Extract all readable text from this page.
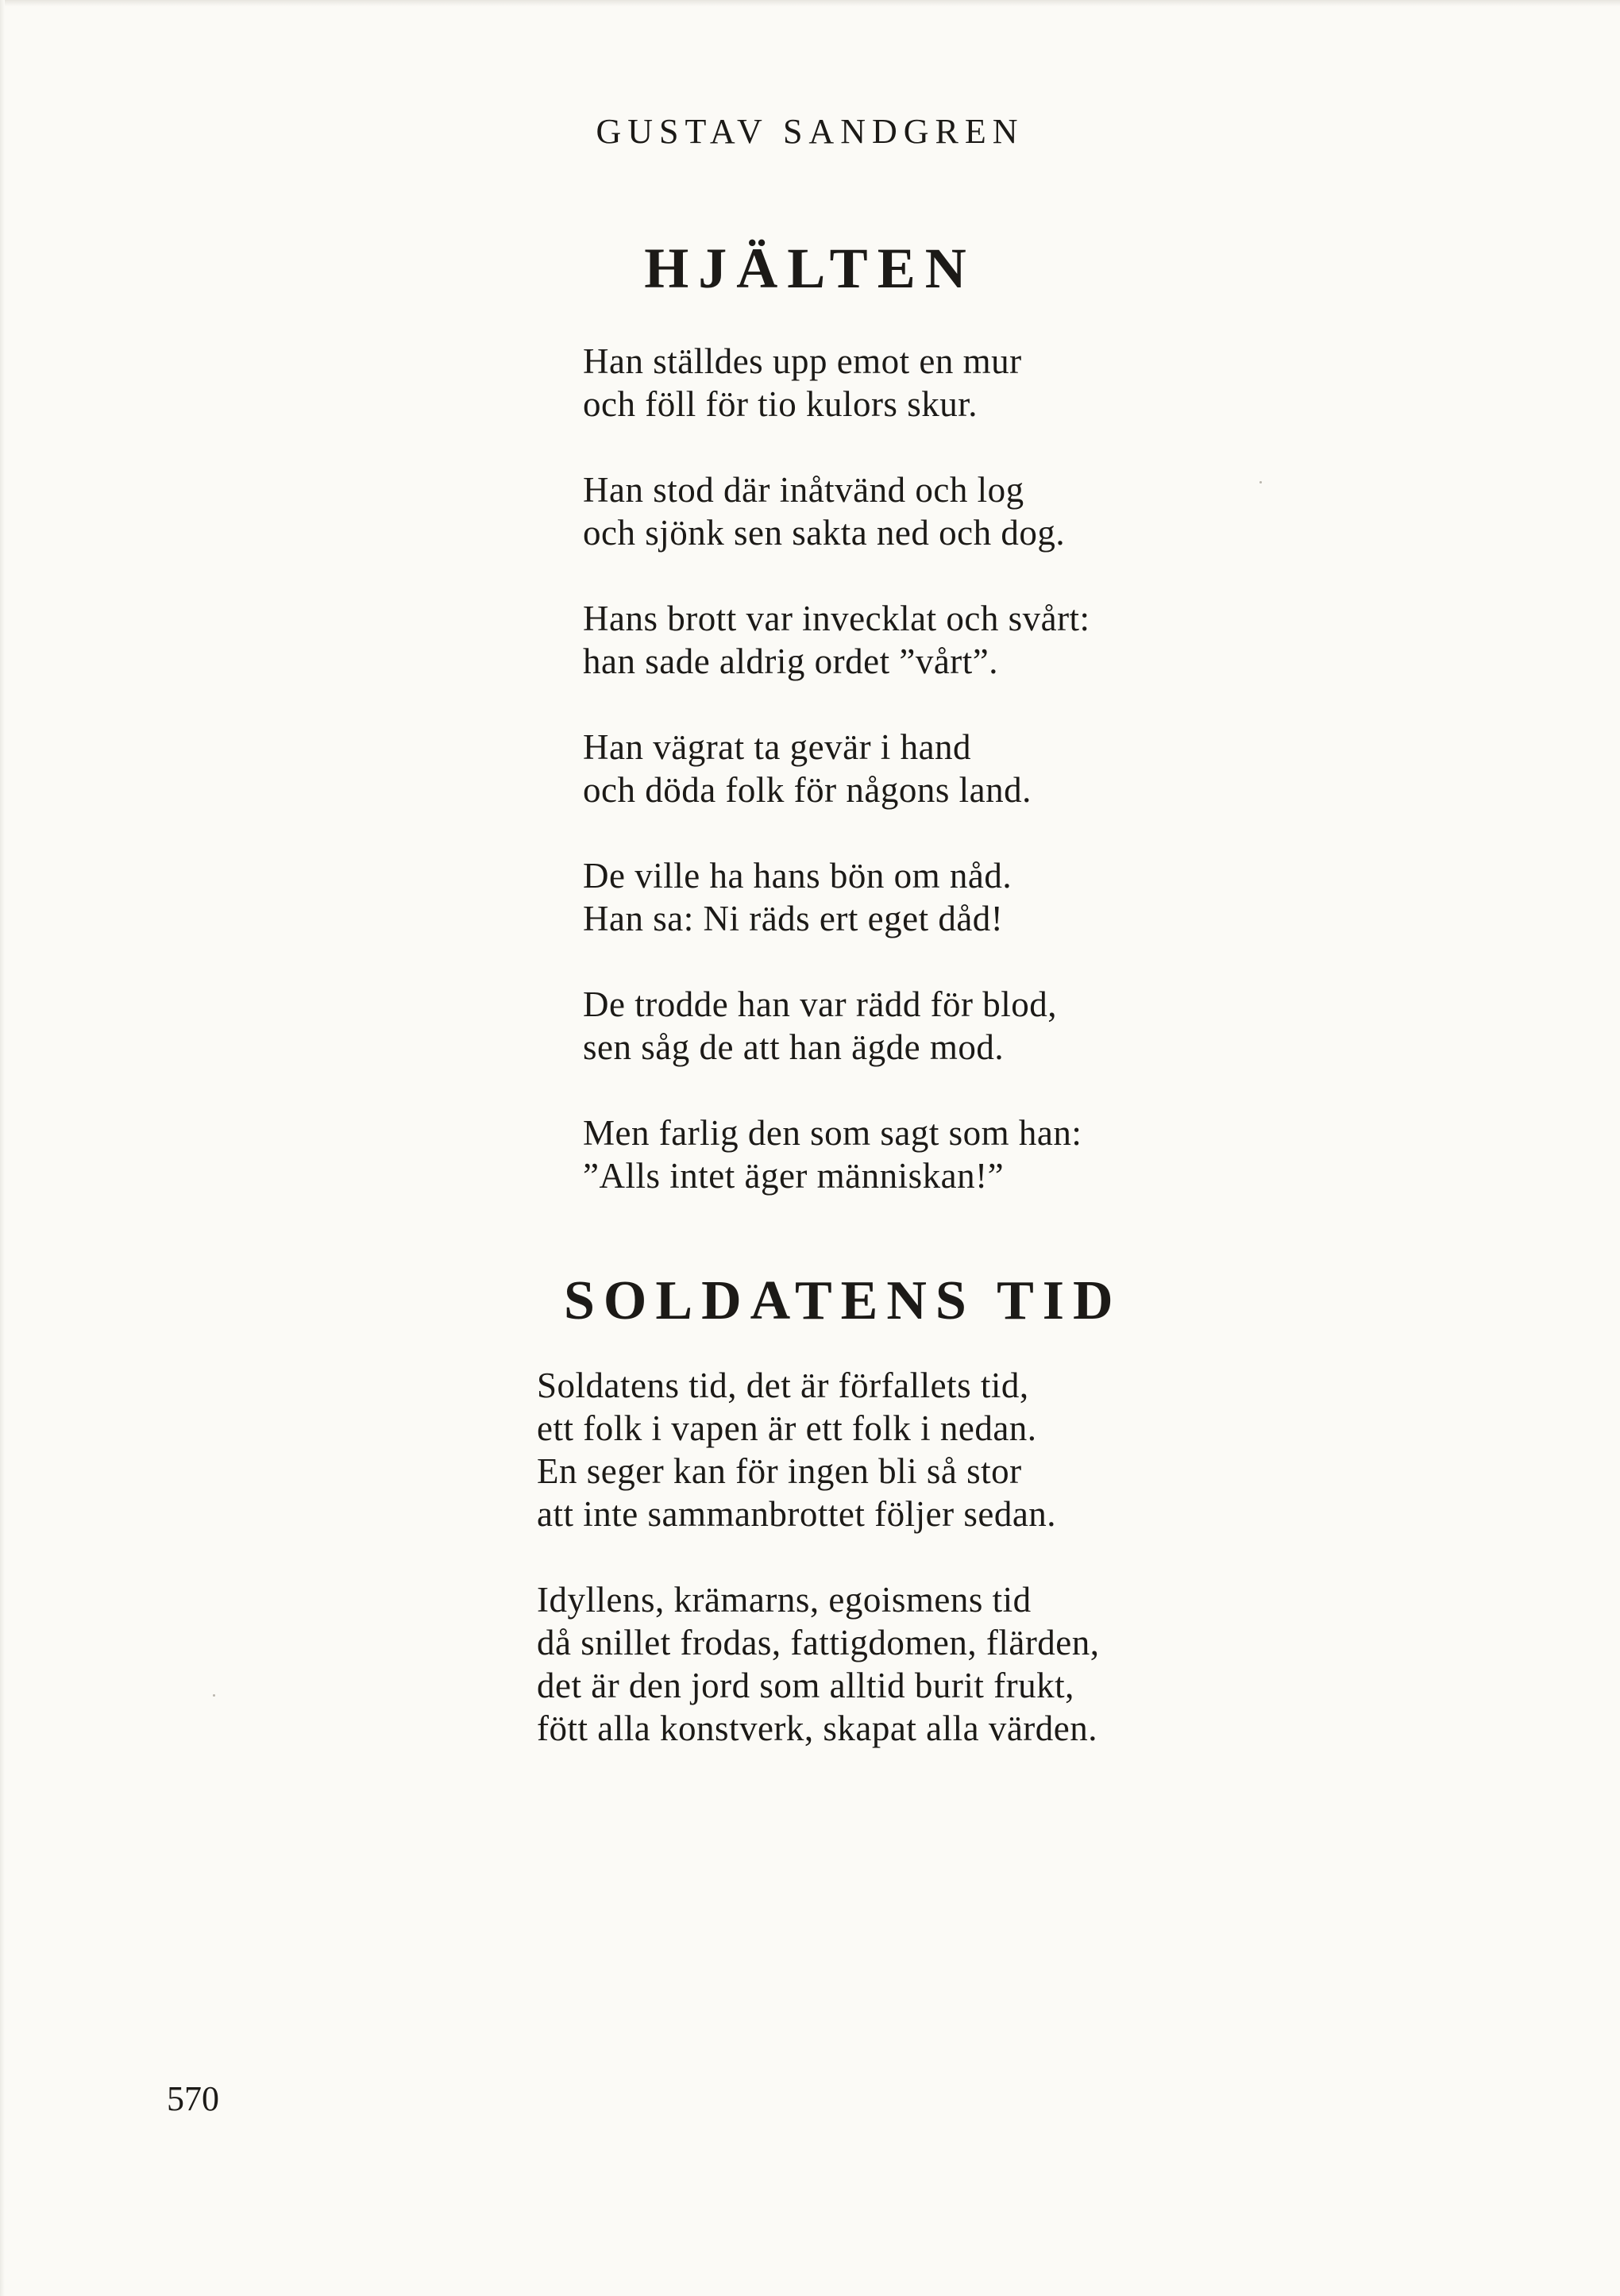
GUSTAV SANDGREN
HJÄLTEN

Han ställdes upp emot en mur
och föll för tio kulors skur.

Han stod där inåtvänd och log
och sjönk sen sakta ned och dog.

Hans brott var invecklat och svårt:
han sade aldrig ordet ”vårt”.

Han vägrat ta gevär i hand
och döda folk för någons land.

De ville ha hans bön om nåd.
Han sa: Ni räds ert eget dåd!

De trodde han var rädd för blod,
sen såg de att han ägde mod.

Men farlig den som sagt som han:
”Alls intet äger människan!”

SOLDATENS TID

Soldatens tid, det är förfallets tid,
ett folk i vapen är ett folk i nedan.
En seger kan för ingen bli så stor
att inte sammanbrottet följer sedan.

Idyllens, krämarns, egoismens tid
då snillet frodas, fattigdomen, flärden,
det är den jord som alltid burit frukt,
fött alla konstverk, skapat alla värden.

570
